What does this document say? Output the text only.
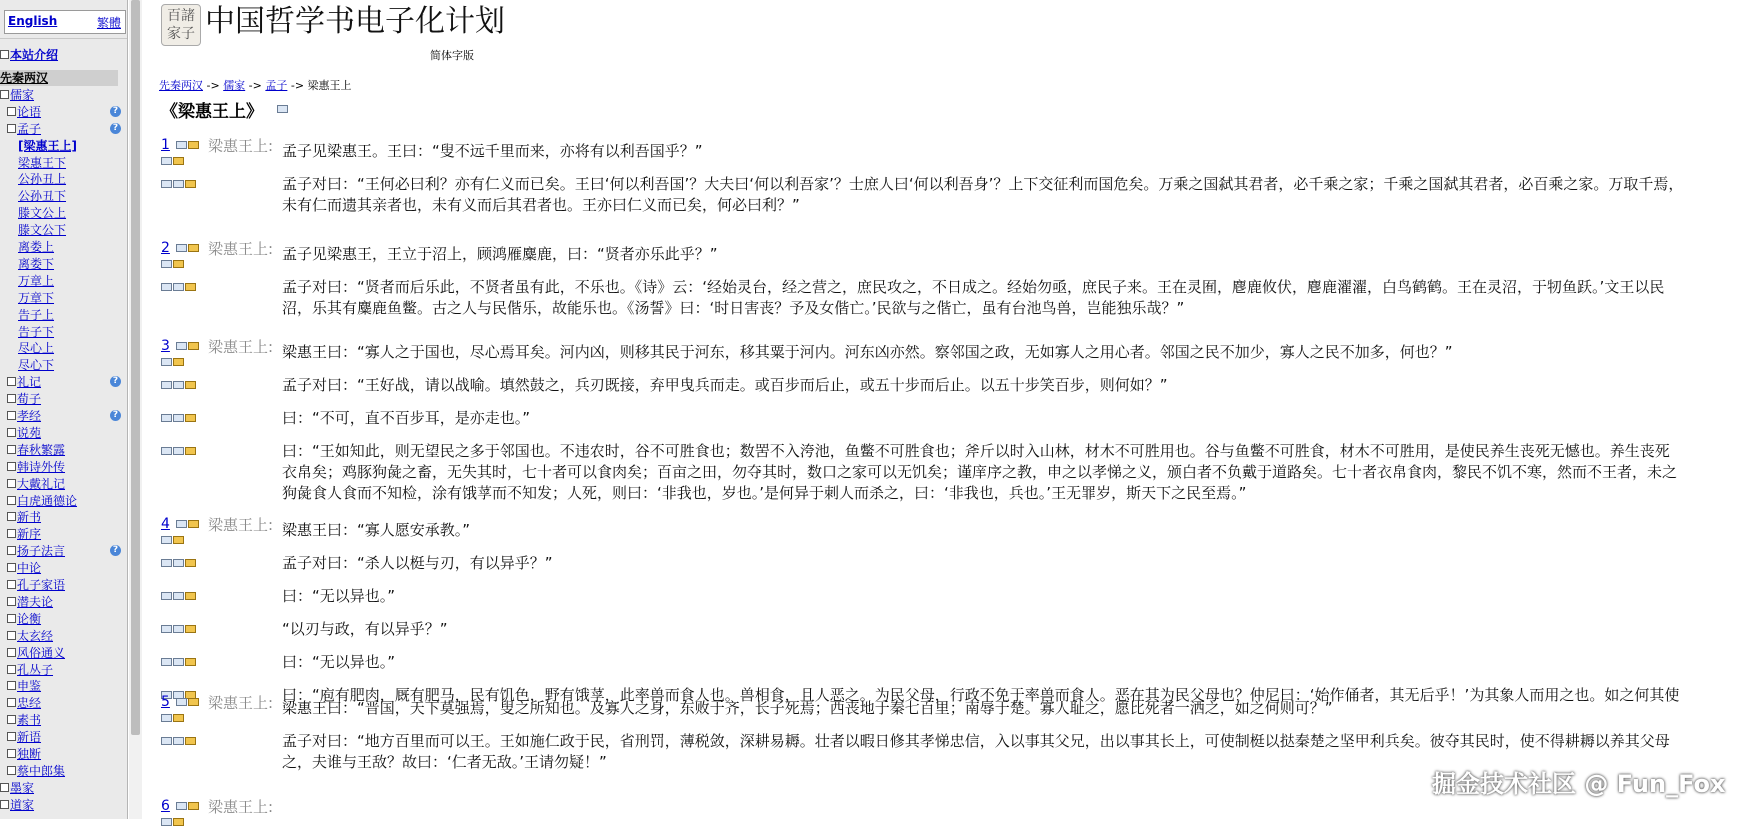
English	繁體
本站介绍
先秦两汉
儒家
论语	?
孟子	?
[梁惠王上]
梁惠王下
公孙丑上
公孙丑下
滕文公上
滕文公下
离娄上
离娄下
万章上
万章下
告子上
告子下
尽心上
尽心下
礼记	?
荀子
孝经	?
说苑
春秋繁露
韩诗外传
大戴礼记
白虎通德论
新书
新序
扬子法言	?
中论
孔子家语
潜夫论
论衡
太玄经
风俗通义
孔丛子
申鉴
忠经
素书
新语
独断
蔡中郎集
墨家
道家
百諸家子 中国哲学书电子化计划
简体字版
先秦两汉 -> 儒家 -> 孟子 -> 梁惠王上
《梁惠王上》
1	梁惠王上: 孟子见梁惠王。王曰：“叟不远千里而来，亦将有以利吾国乎？”
孟子对曰：“王何必曰利？亦有仁义而已矣。王曰‘何以利吾国’？大夫曰‘何以利吾家’？士庶人曰‘何以利吾身’？上下交征利而国危矣。万乘之国弑其君者，必千乘之家；千乘之国弑其君者，必百乘之家。万取千焉，
未有仁而遗其亲者也，未有义而后其君者也。王亦曰仁义而已矣，何必曰利？”
2	梁惠王上: 孟子见梁惠王，王立于沼上，顾鸿雁麋鹿，曰：“贤者亦乐此乎？”
孟子对曰：“贤者而后乐此，不贤者虽有此，不乐也。《诗》云：‘经始灵台，经之营之，庶民攻之，不日成之。经始勿亟，庶民子来。王在灵囿，麀鹿攸伏，麀鹿濯濯，白鸟鹤鹤。王在灵沼，于牣鱼跃。’文王以民
沼，乐其有麋鹿鱼鳖。古之人与民偕乐，故能乐也。《汤誓》曰：‘时日害丧？予及女偕亡。’民欲与之偕亡，虽有台池鸟兽，岂能独乐哉？”
3	梁惠王上: 梁惠王曰：“寡人之于国也，尽心焉耳矣。河内凶，则移其民于河东，移其粟于河内。河东凶亦然。察邻国之政，无如寡人之用心者。邻国之民不加少，寡人之民不加多，何也？”
孟子对曰：“王好战，请以战喻。填然鼓之，兵刃既接，弃甲曳兵而走。或百步而后止，或五十步而后止。以五十步笑百步，则何如？”
曰：“不可，直不百步耳，是亦走也。”
曰：“王如知此，则无望民之多于邻国也。不违农时，谷不可胜食也；数罟不入洿池，鱼鳖不可胜食也；斧斤以时入山林，材木不可胜用也。谷与鱼鳖不可胜食，材木不可胜用，是使民养生丧死无憾也。养生丧死
衣帛矣；鸡豚狗彘之畜，无失其时，七十者可以食肉矣；百亩之田，勿夺其时，数口之家可以无饥矣；谨庠序之教，申之以孝悌之义，颁白者不负戴于道路矣。七十者衣帛食肉，黎民不饥不寒，然而不王者，未之
狗彘食人食而不知检，涂有饿莩而不知发；人死，则曰：‘非我也，岁也。’是何异于刺人而杀之，曰：‘非我也，兵也。’王无罪岁，斯天下之民至焉。”
4	梁惠王上: 梁惠王曰：“寡人愿安承教。”
孟子对曰：“杀人以梃与刃，有以异乎？”
曰：“无以异也。”
“以刃与政，有以异乎？”
曰：“无以异也。”
曰：“庖有肥肉，厩有肥马，民有饥色，野有饿莩，此率兽而食人也。兽相食，且人恶之。为民父母，行政不免于率兽而食人。恶在其为民父母也？仲尼曰：‘始作俑者，其无后乎！’为其象人而用之也。如之何其使
5	梁惠王上: 梁惠王曰：“晋国，天下莫强焉，叟之所知也。及寡人之身，东败于齐，长子死焉；西丧地于秦七百里；南辱于楚。寡人耻之，愿比死者一洒之，如之何则可？”
孟子对曰：“地方百里而可以王。王如施仁政于民，省刑罚，薄税敛，深耕易耨。壮者以暇日修其孝悌忠信，入以事其父兄，出以事其长上，可使制梃以挞秦楚之坚甲利兵矣。彼夺其民时，使不得耕耨以养其父母
之，夫谁与王敌？故曰：‘仁者无敌。’王请勿疑！”
6	梁惠王上:
掘金技术社区 @ Fun_Fox
